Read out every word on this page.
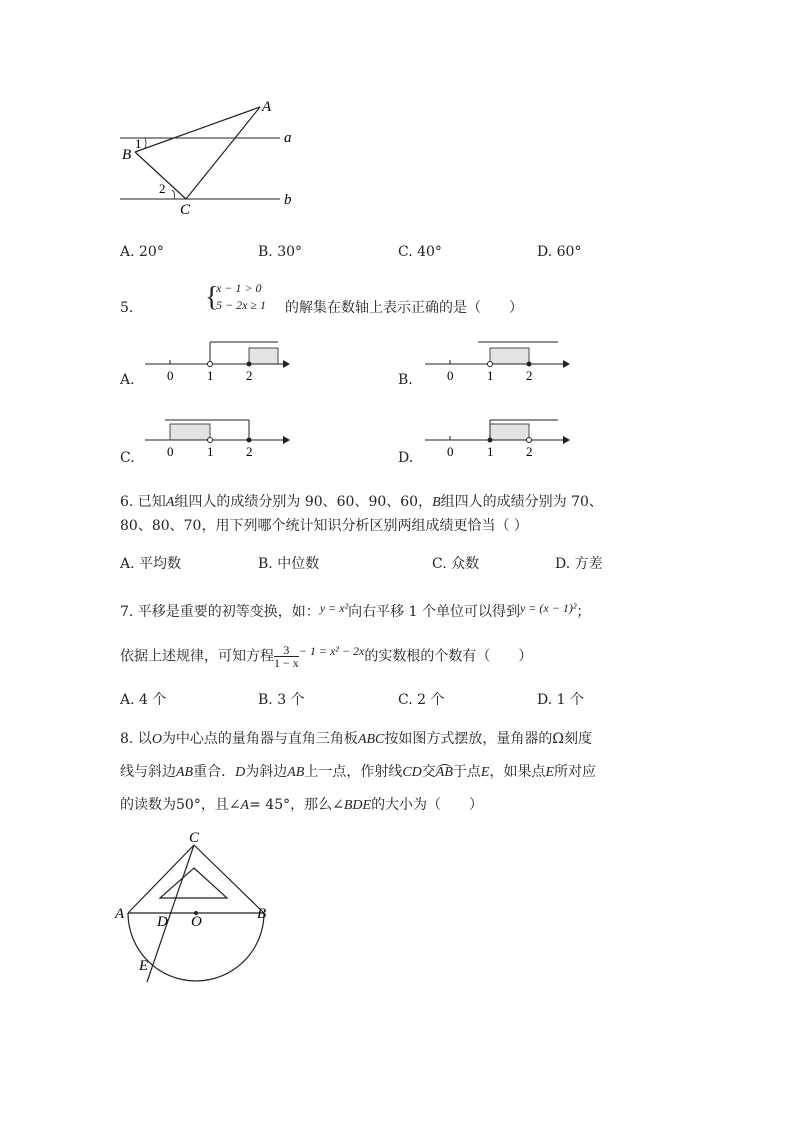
A
B
C
a
b
1
2
A. 20°	B. 30°	C. 40°	D. 60°
5.	{
x − 1 > 0
5 − 2x ≥ 1 的解集在数轴上表示正确的是（　　）
A. 0	1	2	B.	0	1	2
C. 0	1	2	D.	0	1	2
6. 已知A组四人的成绩分别为 90、60、90、60，B组四人的成绩分别为 70、
80、80、70，用下列哪个统计知识分析区别两组成绩更恰当（ ）
A. 平均数	B. 中位数	C. 众数	D. 方差
7. 平移是重要的初等变换，如：y = x²向右平移 1 个单位可以得到y = (x − 1)²；
依据上述规律，可知方程 $\frac{3}{1 - x} - 1 = x^2 - 2x$的实数根的个数有（　　）
A. 4 个	B. 3 个	C. 2 个	D. 1 个
8. 以O为中心点的量角器与直角三角板ABC按如图方式摆放，量角器的Ω刻度
线与斜边AB重合．D为斜边AB上一点，作射线CD交AB于点E，如果点E所对应
的读数为50°，且∠A= 45°，那么∠BDE的大小为（　　）
C
A	B
D O
E
